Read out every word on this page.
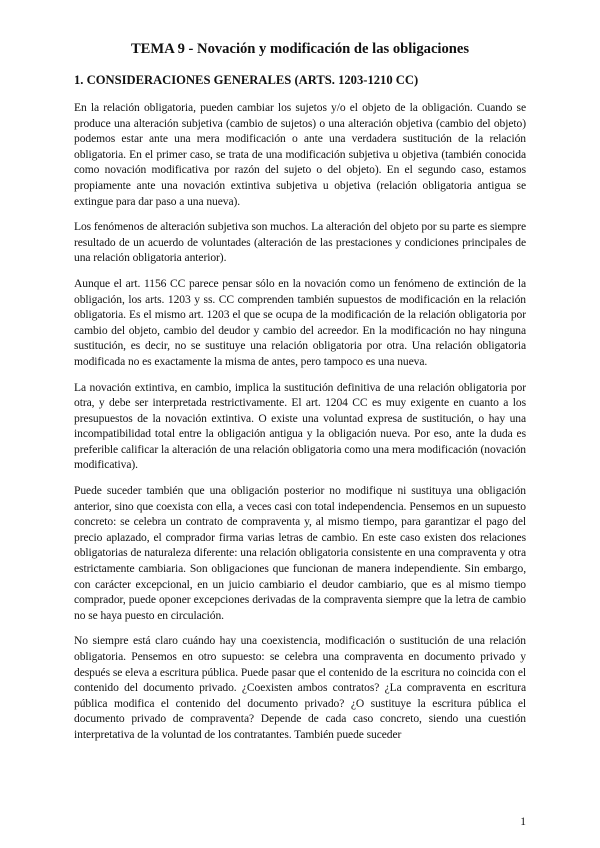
TEMA 9 - Novación y modificación de las obligaciones
1. CONSIDERACIONES GENERALES (ARTS. 1203-1210 CC)

En la relación obligatoria, pueden cambiar los sujetos y/o el objeto de la obligación. Cuando se produce una alteración subjetiva (cambio de sujetos) o una alteración objetiva (cambio del objeto) podemos estar ante una mera modificación o ante una verdadera sustitución de la relación obligatoria. En el primer caso, se trata de una modificación subjetiva u objetiva (también conocida como novación modificativa por razón del sujeto o del objeto). En el segundo caso, estamos propiamente ante una novación extintiva subjetiva u objetiva (relación obligatoria antigua se extingue para dar paso a una nueva).

Los fenómenos de alteración subjetiva son muchos. La alteración del objeto por su parte es siempre resultado de un acuerdo de voluntades (alteración de las prestaciones y condiciones principales de una relación obligatoria anterior).

Aunque el art. 1156 CC parece pensar sólo en la novación como un fenómeno de extinción de la obligación, los arts. 1203 y ss. CC comprenden también supuestos de modificación en la relación obligatoria. Es el mismo art. 1203 el que se ocupa de la modificación de la relación obligatoria por cambio del objeto, cambio del deudor y cambio del acreedor. En la modificación no hay ninguna sustitución, es decir, no se sustituye una relación obligatoria por otra. Una relación obligatoria modificada no es exactamente la misma de antes, pero tampoco es una nueva.

La novación extintiva, en cambio, implica la sustitución definitiva de una relación obligatoria por otra, y debe ser interpretada restrictivamente. El art. 1204 CC es muy exigente en cuanto a los presupuestos de la novación extintiva. O existe una voluntad expresa de sustitución, o hay una incompatibilidad total entre la obligación antigua y la obligación nueva. Por eso, ante la duda es preferible calificar la alteración de una relación obligatoria como una mera modificación (novación modificativa).

Puede suceder también que una obligación posterior no modifique ni sustituya una obligación anterior, sino que coexista con ella, a veces casi con total independencia. Pensemos en un supuesto concreto: se celebra un contrato de compraventa y, al mismo tiempo, para garantizar el pago del precio aplazado, el comprador firma varias letras de cambio. En este caso existen dos relaciones obligatorias de naturaleza diferente: una relación obligatoria consistente en una compraventa y otra estrictamente cambiaria. Son obligaciones que funcionan de manera independiente. Sin embargo, con carácter excepcional, en un juicio cambiario el deudor cambiario, que es al mismo tiempo comprador, puede oponer excepciones derivadas de la compraventa siempre que la letra de cambio no se haya puesto en circulación.

No siempre está claro cuándo hay una coexistencia, modificación o sustitución de una relación obligatoria. Pensemos en otro supuesto: se celebra una compraventa en documento privado y después se eleva a escritura pública. Puede pasar que el contenido de la escritura no coincida con el contenido del documento privado. ¿Coexisten ambos contratos? ¿La compraventa en escritura pública modifica el contenido del documento privado? ¿O sustituye la escritura pública el documento privado de compraventa? Depende de cada caso concreto, siendo una cuestión interpretativa de la voluntad de los contratantes. También puede suceder

1
